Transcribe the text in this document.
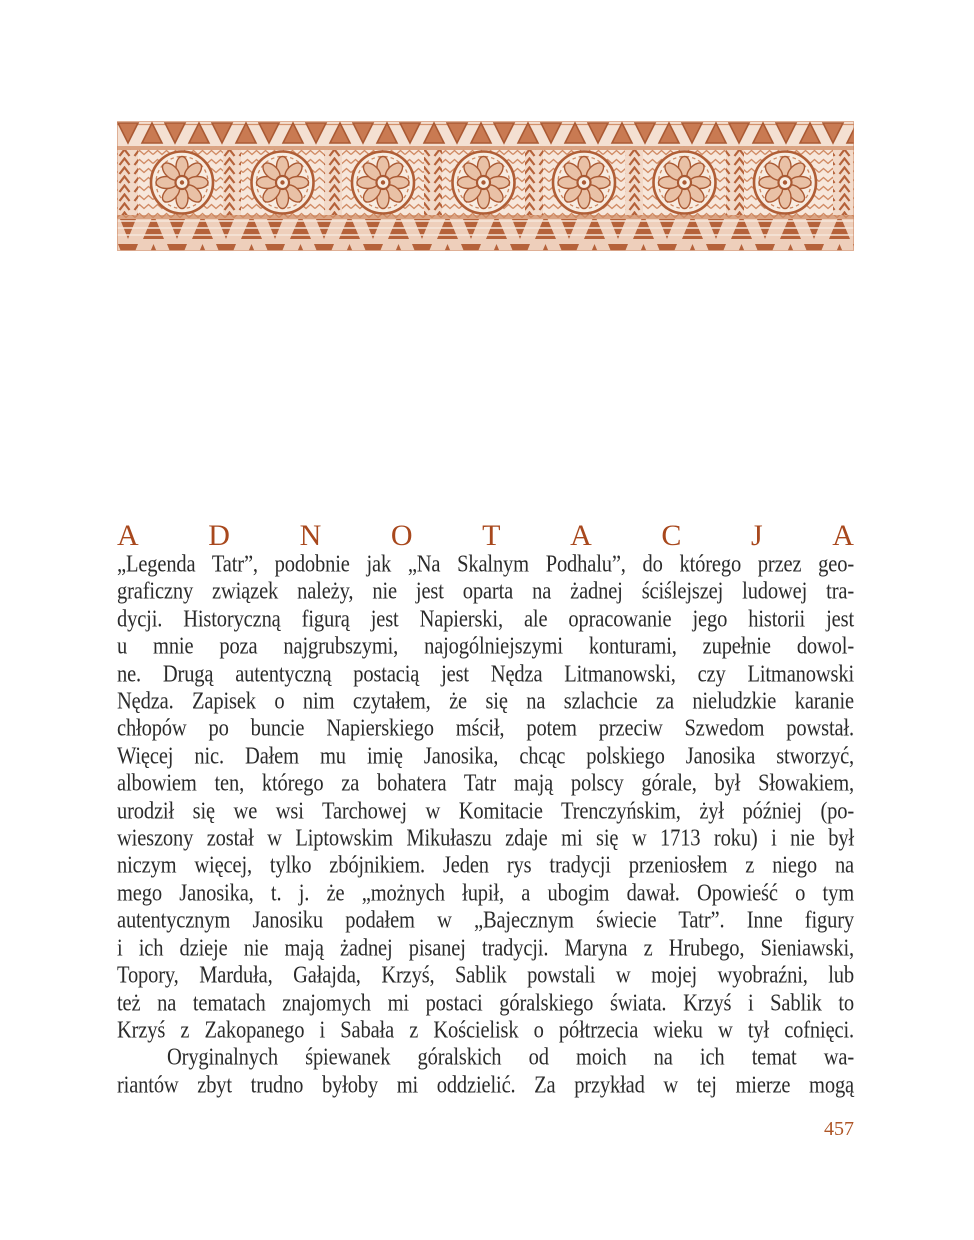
A D N O T A C J A
„Legenda Tatr”, podobnie jak „Na Skalnym Podhalu”, do którego przez geo-
graficzny związek należy, nie jest oparta na żadnej ściślejszej ludowej tra-
dycji. Historyczną figurą jest Napierski, ale opracowanie jego historii jest
u mnie poza najgrubszymi, najogólniejszymi konturami, zupełnie dowol-
ne. Drugą autentyczną postacią jest Nędza Litmanowski, czy Litmanowski
Nędza. Zapisek o nim czytałem, że się na szlachcie za nieludzkie karanie
chłopów po buncie Napierskiego mścił, potem przeciw Szwedom powstał.
Więcej nic. Dałem mu imię Janosika, chcąc polskiego Janosika stworzyć,
albowiem ten, którego za bohatera Tatr mają polscy górale, był Słowakiem,
urodził się we wsi Tarchowej w Komitacie Trenczyńskim, żył później (po-
wieszony został w Liptowskim Mikułaszu zdaje mi się w 1713 roku) i nie był
niczym więcej, tylko zbójnikiem. Jeden rys tradycji przeniosłem z niego na
mego Janosika, t. j. że „możnych łupił, a ubogim dawał. Opowieść o tym
autentycznym Janosiku podałem w „Bajecznym świecie Tatr”. Inne figury
i ich dzieje nie mają żadnej pisanej tradycji. Maryna z Hrubego, Sieniawski,
Topory, Marduła, Gałajda, Krzyś, Sablik powstali w mojej wyobraźni, lub
też na tematach znajomych mi postaci góralskiego świata. Krzyś i Sablik to
Krzyś z Zakopanego i Sabała z Kościelisk o półtrzecia wieku w tył cofnięci.
Oryginalnych śpiewanek góralskich od moich na ich temat wa-
riantów zbyt trudno byłoby mi oddzielić. Za przykład w tej mierze mogą
457
